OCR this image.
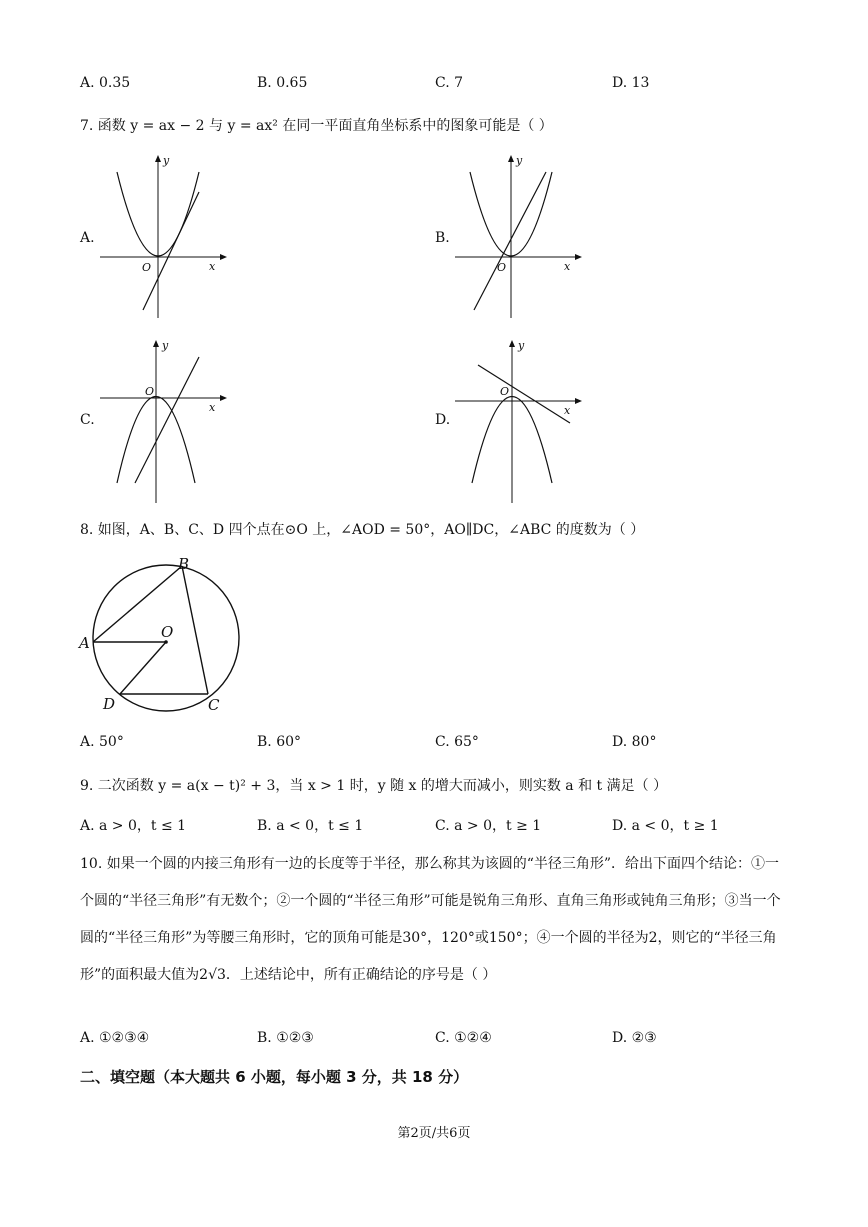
A. 0.35	B. 0.65	C. 7	D. 13
7. 函数 y = ax − 2 与 y = ax² 在同一平面直角坐标系中的图象可能是（ ）
A.
y
x
O
B.
y
x
O
C.
y
x
O
D.
y
x
O
8. 如图，A、B、C、D 四个点在⊙O 上，∠AOD = 50°，AO∥DC，∠ABC 的度数为（ ）
B
A
O
D	C
A. 50°	B. 60°	C. 65°	D. 80°
9. 二次函数 y = a(x − t)² + 3，当 x > 1 时，y 随 x 的增大而减小，则实数 a 和 t 满足（ ）
A. a > 0，t ≤ 1	B. a < 0，t ≤ 1	C. a > 0，t ≥ 1	D. a < 0，t ≥ 1
10. 如果一个圆的内接三角形有一边的长度等于半径，那么称其为该圆的“半径三角形”．给出下面四个结论：①一个圆的“半径三角形”有无数个；②一个圆的“半径三角形”可能是锐角三角形、直角三角形或钝角三角形；③当一个圆的“半径三角形”为等腰三角形时，它的顶角可能是30°，120°或150°；④一个圆的半径为2，则它的“半径三角形”的面积最大值为2√3．上述结论中，所有正确结论的序号是（ ）
A. ①②③④	B. ①②③	C. ①②④	D. ②③
二、填空题（本大题共 6 小题，每小题 3 分，共 18 分）
第2页/共6页
